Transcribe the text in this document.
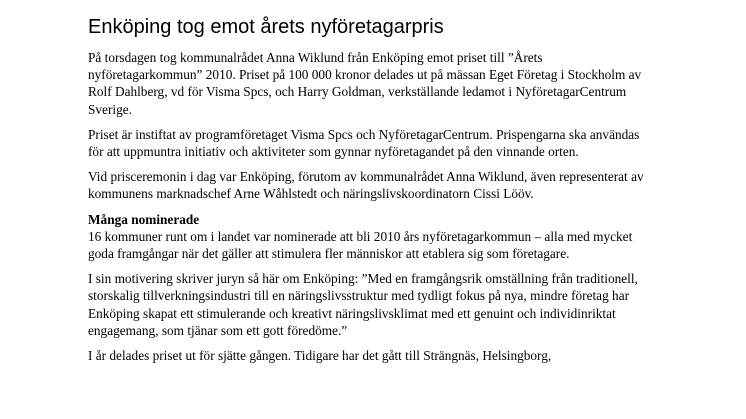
Enköping tog emot årets nyföretagarpris

På torsdagen tog kommunalrådet Anna Wiklund från Enköping emot priset till ”Årets nyföretagarkommun” 2010. Priset på 100 000 kronor delades ut på mässan Eget Företag i Stockholm av Rolf Dahlberg, vd för Visma Spcs, och Harry Goldman, verkställande ledamot i NyföretagarCentrum Sverige.

Priset är instiftat av programföretaget Visma Spcs och NyföretagarCentrum. Prispengarna ska användas för att uppmuntra initiativ och aktiviteter som gynnar nyföretagandet på den vinnande orten.

Vid prisceremonin i dag var Enköping, förutom av kommunalrådet Anna Wiklund, även representerat av kommunens marknadschef Arne Wåhlstedt och näringslivskoordinatorn Cissi Lööv.

Många nominerade
16 kommuner runt om i landet var nominerade att bli 2010 års nyföretagarkommun – alla med mycket goda framgångar när det gäller att stimulera fler människor att etablera sig som företagare.

I sin motivering skriver juryn så här om Enköping: ”Med en framgångsrik omställning från traditionell, storskalig tillverkningsindustri till en näringslivsstruktur med tydligt fokus på nya, mindre företag har Enköping skapat ett stimulerande och kreativt näringslivsklimat med ett genuint och individinriktat engagemang, som tjänar som ett gott föredöme.”

I år delades priset ut för sjätte gången. Tidigare har det gått till Strängnäs, Helsingborg,
